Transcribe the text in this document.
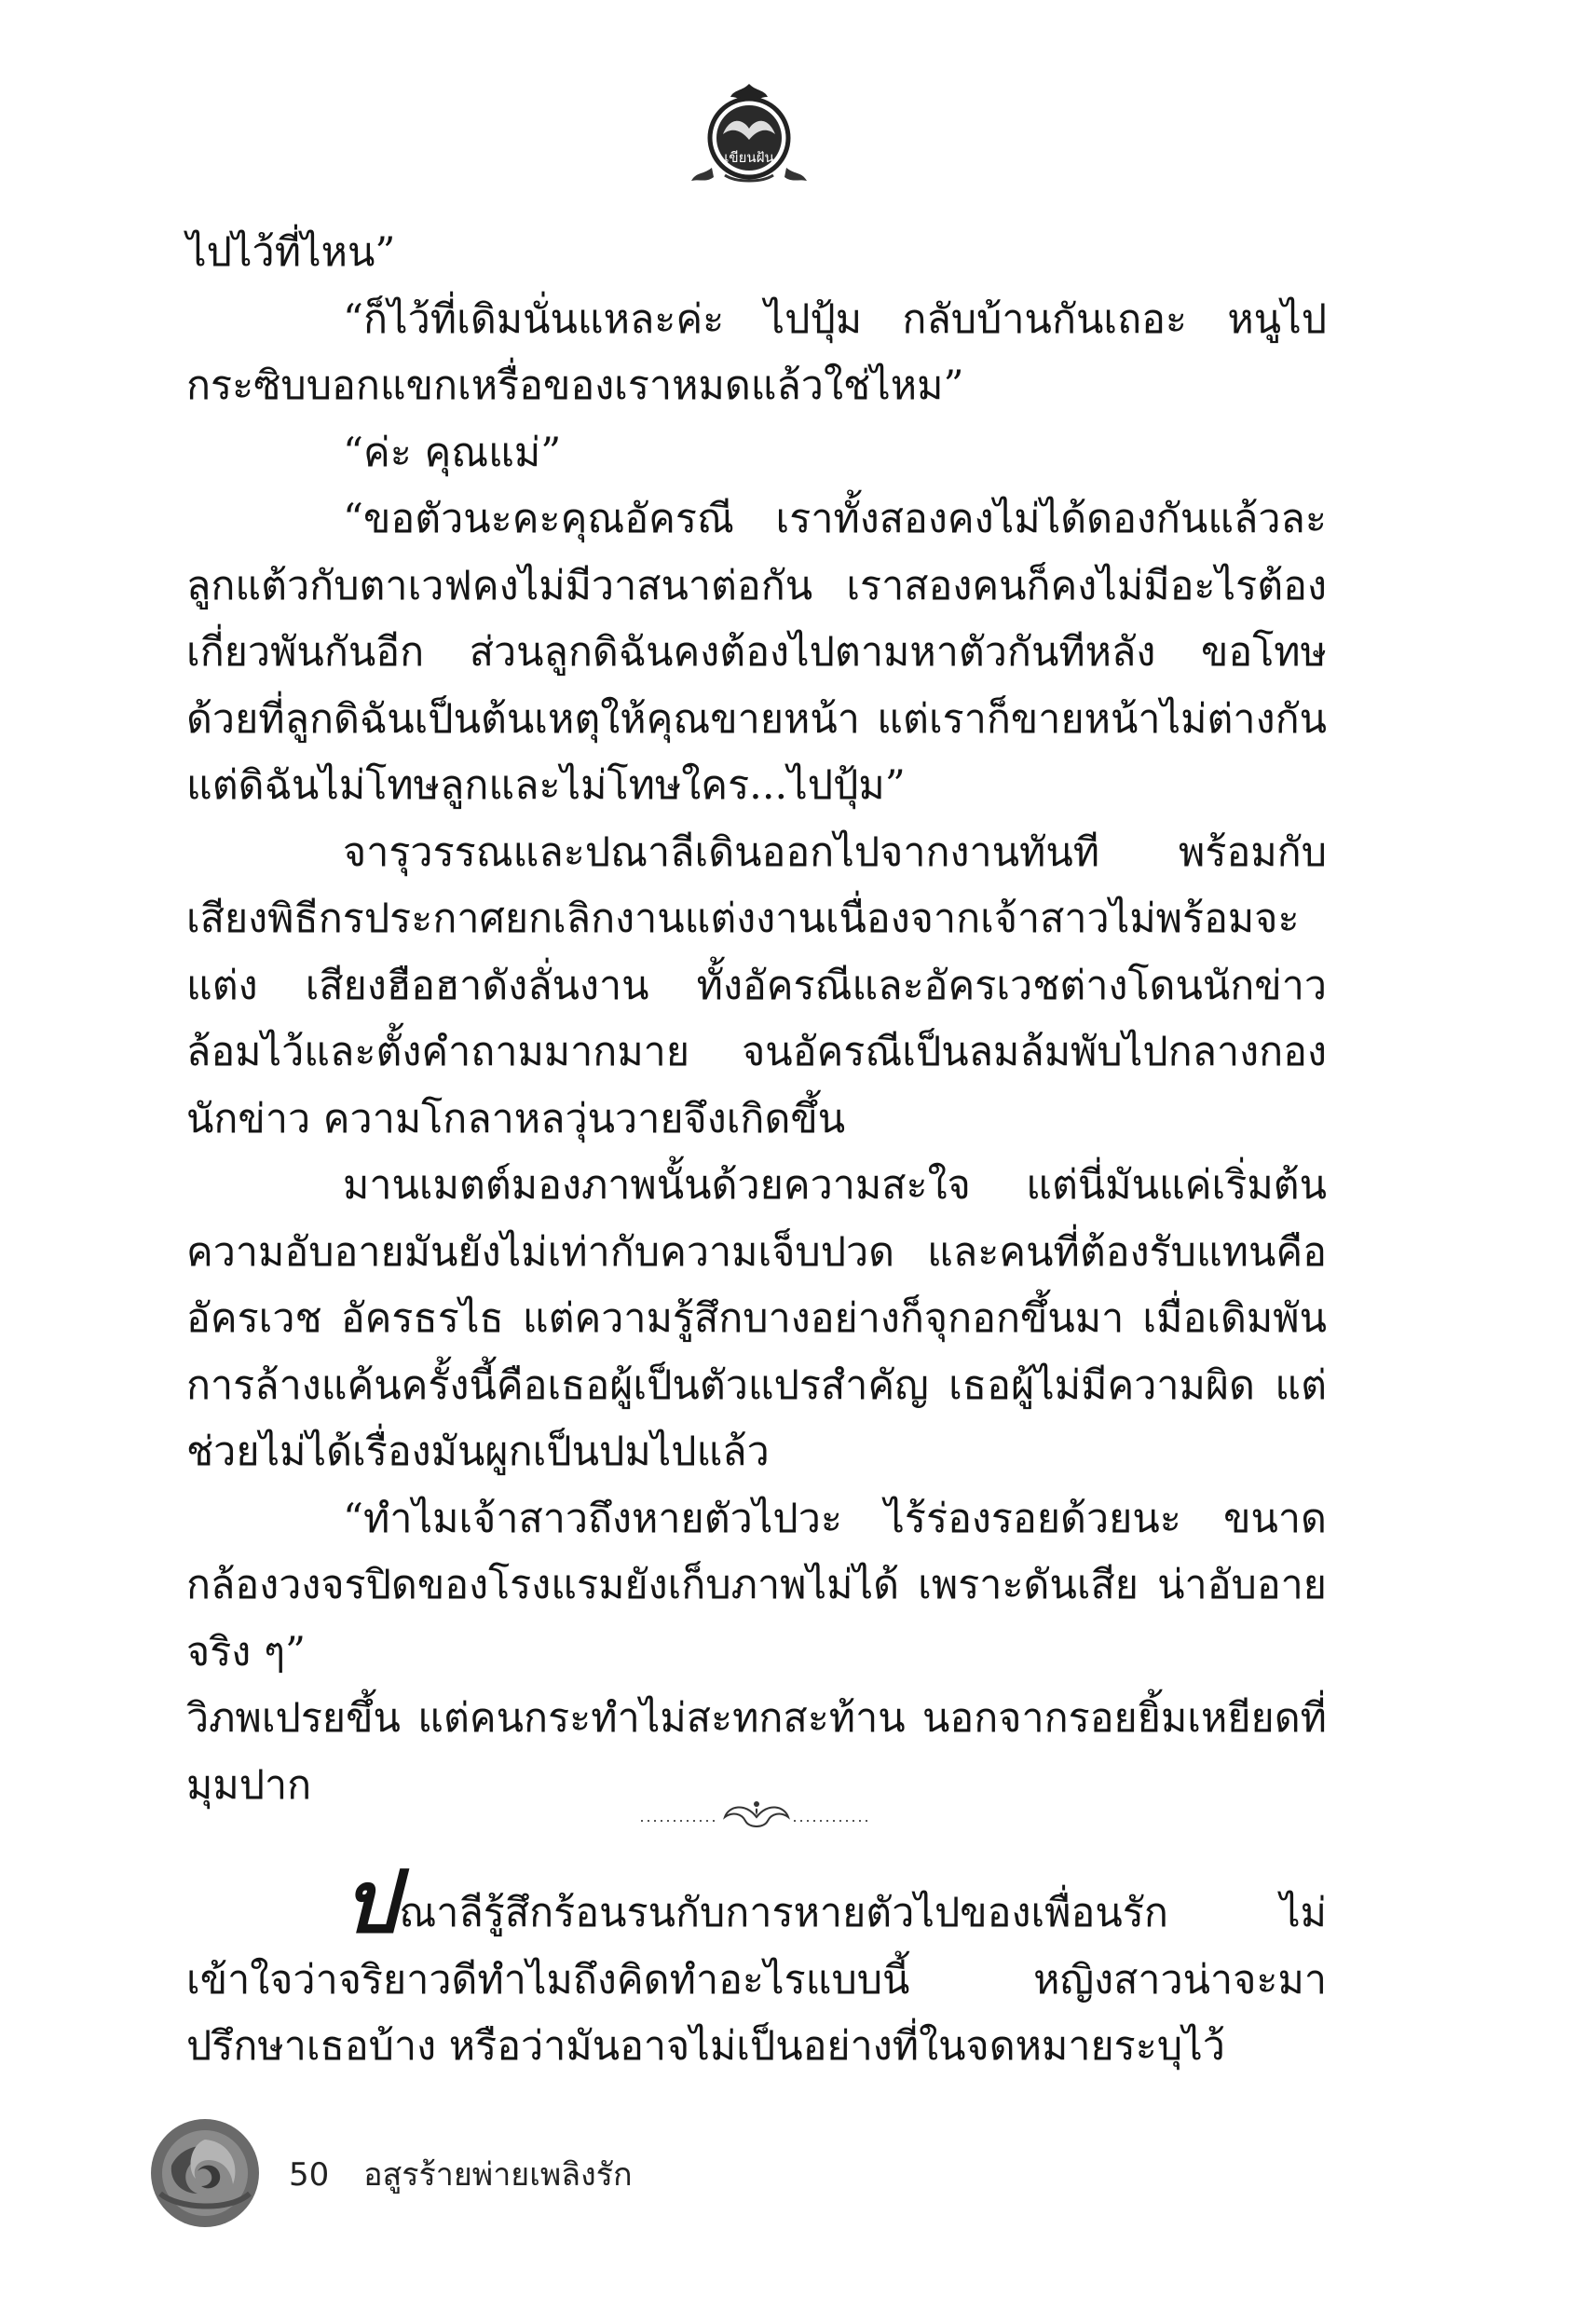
เขียนฝัน

ไปไว้ที่ไหน”

“ก็ไว้ที่เดิมนั่นแหละค่ะ ไปปุ้ม กลับบ้านกันเถอะ หนูไปกระซิบบอกแขกเหรื่อของเราหมดแล้วใช่ไหม”

“ค่ะ คุณแม่”

“ขอตัวนะคะคุณอัครณี เราทั้งสองคงไม่ได้ดองกันแล้วละ ลูกแต้วกับตาเวฟคงไม่มีวาสนาต่อกัน เราสองคนก็คงไม่มีอะไรต้องเกี่ยวพันกันอีก ส่วนลูกดิฉันคงต้องไปตามหาตัวกันทีหลัง ขอโทษด้วยที่ลูกดิฉันเป็นต้นเหตุให้คุณขายหน้า แต่เราก็ขายหน้าไม่ต่างกัน แต่ดิฉันไม่โทษลูกและไม่โทษใคร...ไปปุ้ม”

จารุวรรณและปณาลีเดินออกไปจากงานทันที พร้อมกับเสียงพิธีกรประกาศยกเลิกงานแต่งงานเนื่องจากเจ้าสาวไม่พร้อมจะแต่ง เสียงฮือฮาดังลั่นงาน ทั้งอัครณีและอัครเวชต่างโดนนักข่าวล้อมไว้และตั้งคำถามมากมาย จนอัครณีเป็นลมล้มพับไปกลางกองนักข่าว ความโกลาหลวุ่นวายจึงเกิดขึ้น

มานเมตต์มองภาพนั้นด้วยความสะใจ แต่นี่มันแค่เริ่มต้น ความอับอายมันยังไม่เท่ากับความเจ็บปวด และคนที่ต้องรับแทนคืออัครเวช อัครธรไธ แต่ความรู้สึกบางอย่างก็จุกอกขึ้นมา เมื่อเดิมพันการล้างแค้นครั้งนี้คือเธอผู้เป็นตัวแปรสำคัญ เธอผู้ไม่มีความผิด แต่ช่วยไม่ได้เรื่องมันผูกเป็นปมไปแล้ว

“ทำไมเจ้าสาวถึงหายตัวไปวะ ไร้ร่องรอยด้วยนะ ขนาดกล้องวงจรปิดของโรงแรมยังเก็บภาพไม่ได้ เพราะดันเสีย น่าอับอายจริง ๆ”

วิภพเปรยขึ้น แต่คนกระทำไม่สะทกสะท้าน นอกจากรอยยิ้มเหยียดที่มุมปาก

ปณาลีรู้สึกร้อนรนกับการหายตัวไปของเพื่อนรัก ไม่เข้าใจว่าจริยาวดีทำไมถึงคิดทำอะไรแบบนี้ หญิงสาวน่าจะมาปรึกษาเธอบ้าง หรือว่ามันอาจไม่เป็นอย่างที่ในจดหมายระบุไว้

50 อสูรร้ายพ่ายเพลิงรัก
